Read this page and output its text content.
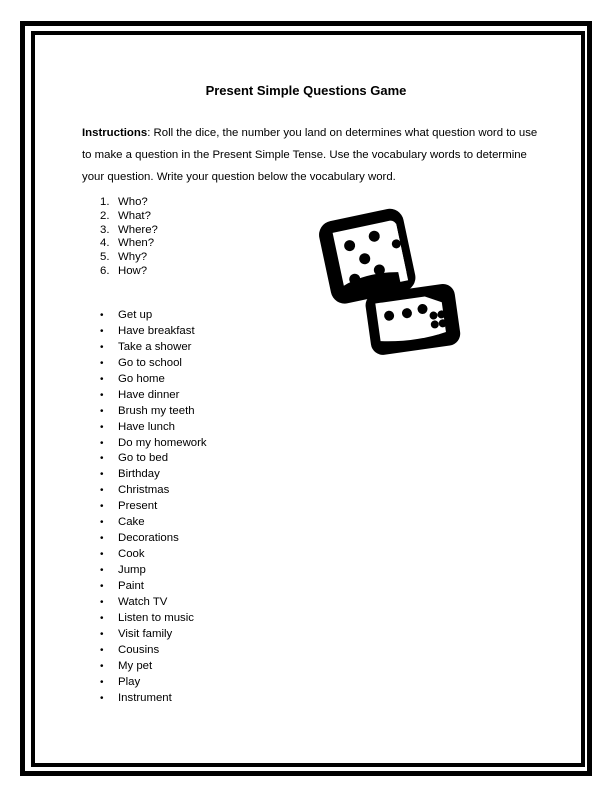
Present Simple Questions Game

Instructions: Roll the dice, the number you land on determines what question word to use to make a question in the Present Simple Tense. Use the vocabulary words to determine your question. Write your question below the vocabulary word.

1. Who?
2. What?
3. Where?
4. When?
5. Why?
6. How?
• Get up
• Have breakfast
• Take a shower
• Go to school
• Go home
• Have dinner
• Brush my teeth
• Have lunch
• Do my homework
• Go to bed
• Birthday
• Christmas
• Present
• Cake
• Decorations
• Cook
• Jump
• Paint
• Watch TV
• Listen to music
• Visit family
• Cousins
• My pet
• Play
• Instrument
